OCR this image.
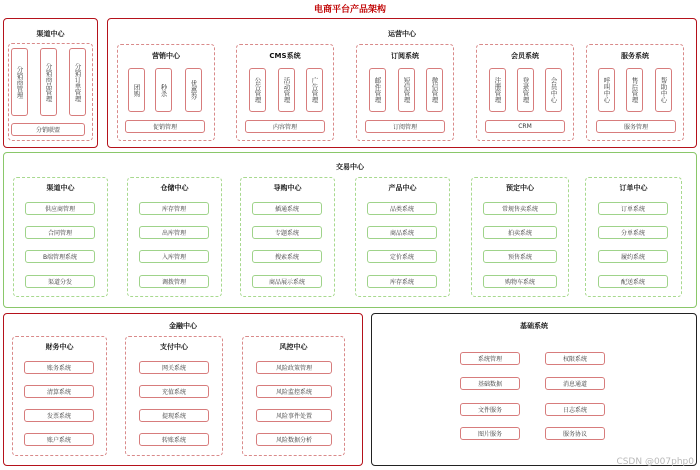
电商平台产品架构
渠道中心
分销商管理	分销商品管理	分销订单管理
分销联盟
运营中心
营销中心
团购	秒杀	优惠券
促销管理
CMS系统
公告管理	活动管理	广告管理
内容管理
订阅系统
邮件管理	短信管理	微信管理
订阅管理
会员系统
注册管理	登录管理	会员中心
CRM
服务系统
呼叫中心	售后管理	帮助中心
服务管理
交易中心
渠道中心
供应商管理
合同管理
B端管理系统
渠道分发
仓储中心
库存管理
出库管理
入库管理
调拨管理
导购中心
插通系统
专题系统
搜索系统
商品展示系统
产品中心
品类系统
商品系统
定价系统
库存系统
预定中心
常规售卖系统
拍卖系统
预售系统
购物车系统
订单中心
订单系统
分单系统
履约系统
配送系统
金融中心
财务中心
账务系统
清算系统
发票系统
账户系统
支付中心
网关系统
充值系统
提现系统
转账系统
风控中心
风险政策管理
风险监控系统
风险事件处置
风险数据分析
基础系统
系统管理
基础数据
文件服务
图片服务
权限系统
消息通道
日志系统
服务协议
CSDN @007php0
